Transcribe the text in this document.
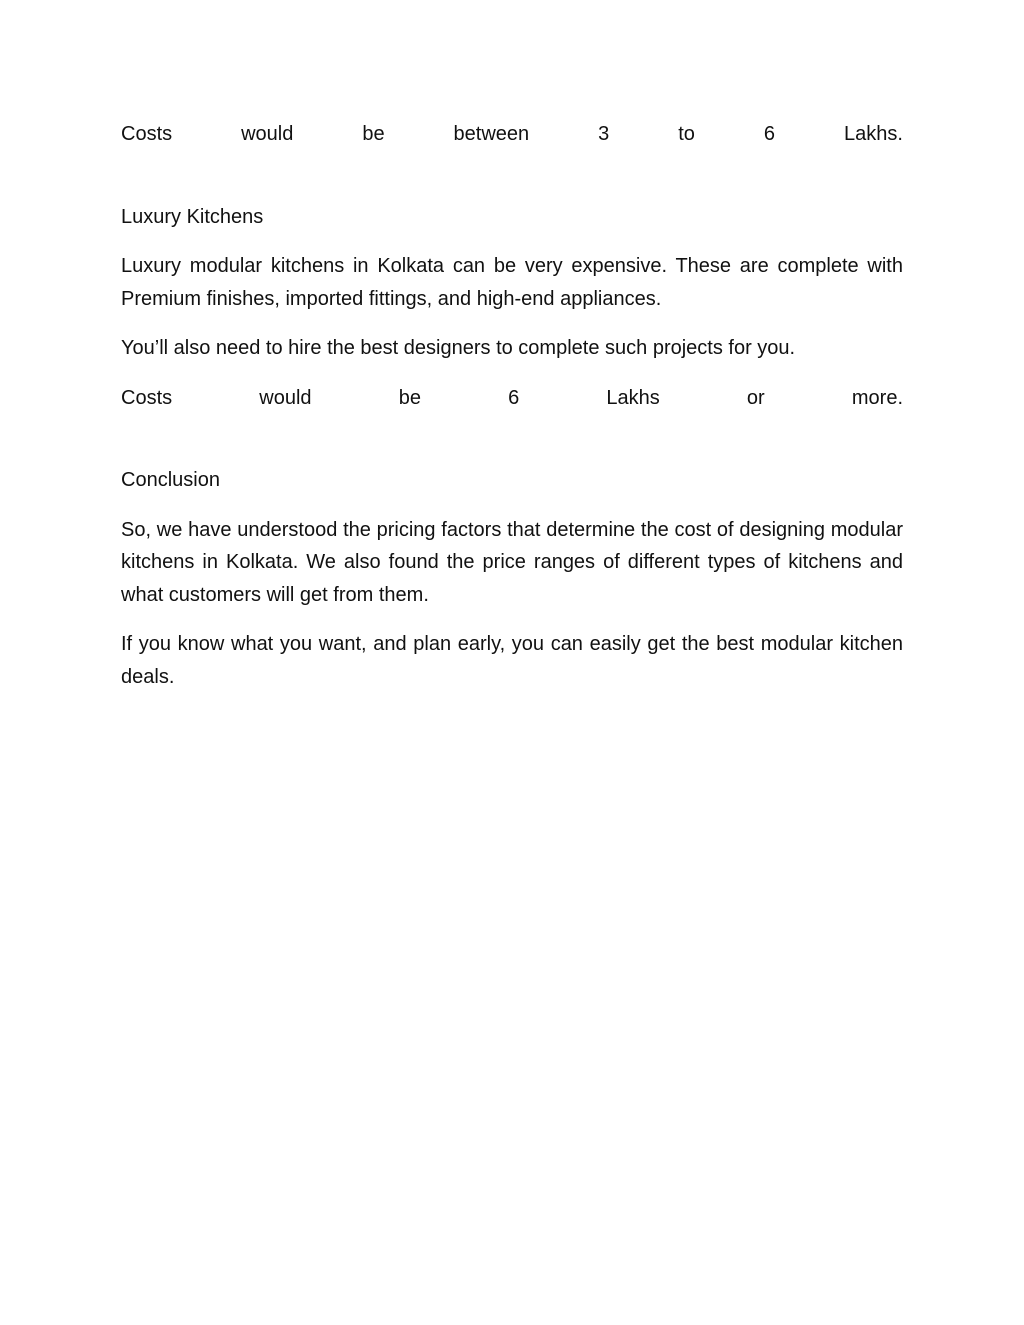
Costs	would	be	between	3	to	6	Lakhs.

Luxury Kitchens

Luxury modular kitchens in Kolkata can be very expensive. These are complete with Premium finishes, imported fittings, and high-end appliances.

You’ll also need to hire the best designers to complete such projects for you.

Costs	would	be	6	Lakhs	or	more.

Conclusion

So, we have understood the pricing factors that determine the cost of designing modular kitchens in Kolkata. We also found the price ranges of different types of kitchens and what customers will get from them.

If you know what you want, and plan early, you can easily get the best modular kitchen deals.
